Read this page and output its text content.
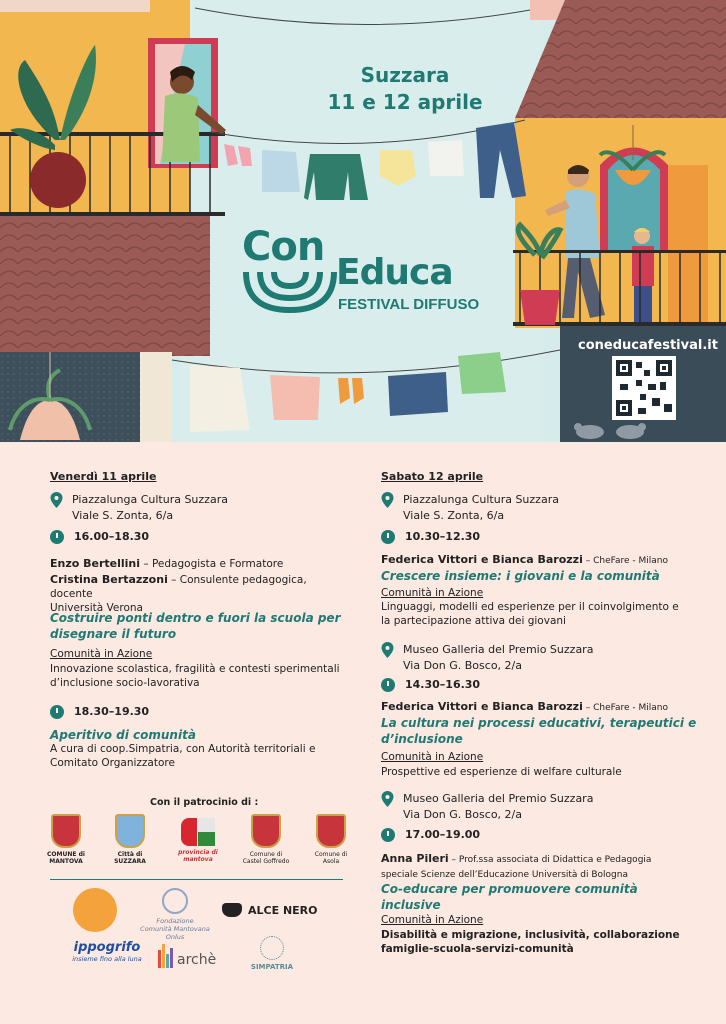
Suzzara
11 e 12 aprile
Con
Educa
FESTIVAL DIFFUSO
coneducafestival.it
Venerdì 11 aprile
Piazzalunga Cultura Suzzara
Viale S. Zonta, 6/a
16.00–18.30
Enzo Bertellini – Pedagogista e Formatore
Cristina Bertazzoni – Consulente pedagogica, docente
Università Verona
Costruire ponti dentro e fuori la scuola per
disegnare il futuro
Comunità in Azione
Innovazione scolastica, fragilità e contesti sperimentali
d’inclusione socio-lavorativa
18.30–19.30
Aperitivo di comunità
A cura di coop.Simpatria, con Autorità territoriali e
Comitato Organizzatore
Sabato 12 aprile
Piazzalunga Cultura Suzzara
Viale S. Zonta, 6/a
10.30–12.30
Federica Vittori e Bianca Barozzi – CheFare - Milano
Crescere insieme: i giovani e la comunità
Comunità in Azione
Linguaggi, modelli ed esperienze per il coinvolgimento e
la partecipazione attiva dei giovani
Museo Galleria del Premio Suzzara
Via Don G. Bosco, 2/a
14.30–16.30
Federica Vittori e Bianca Barozzi – CheFare - Milano
La cultura nei processi educativi, terapeutici e
d’inclusione
Comunità in Azione
Prospettive ed esperienze di welfare culturale
Museo Galleria del Premio Suzzara
Via Don G. Bosco, 2/a
17.00–19.00
Anna Pileri – Prof.ssa associata di Didattica e Pedagogia
speciale Scienze dell’Educazione Università di Bologna
Co-educare per promuovere comunità
inclusive
Comunità in Azione
Disabilità e migrazione, inclusività, collaborazione
famiglie-scuola-servizi-comunità
Con il patrocinio di :
COMUNE di MANTOVA
Città di SUZZARA
provincia di mantova
Comune di Castel Goffredo
Comune di Asola
Fondazione Comunità Mantovana Onlus
ALCE NERO
ippogrifo
insieme fino alla luna	archè	SIMPATRIA
